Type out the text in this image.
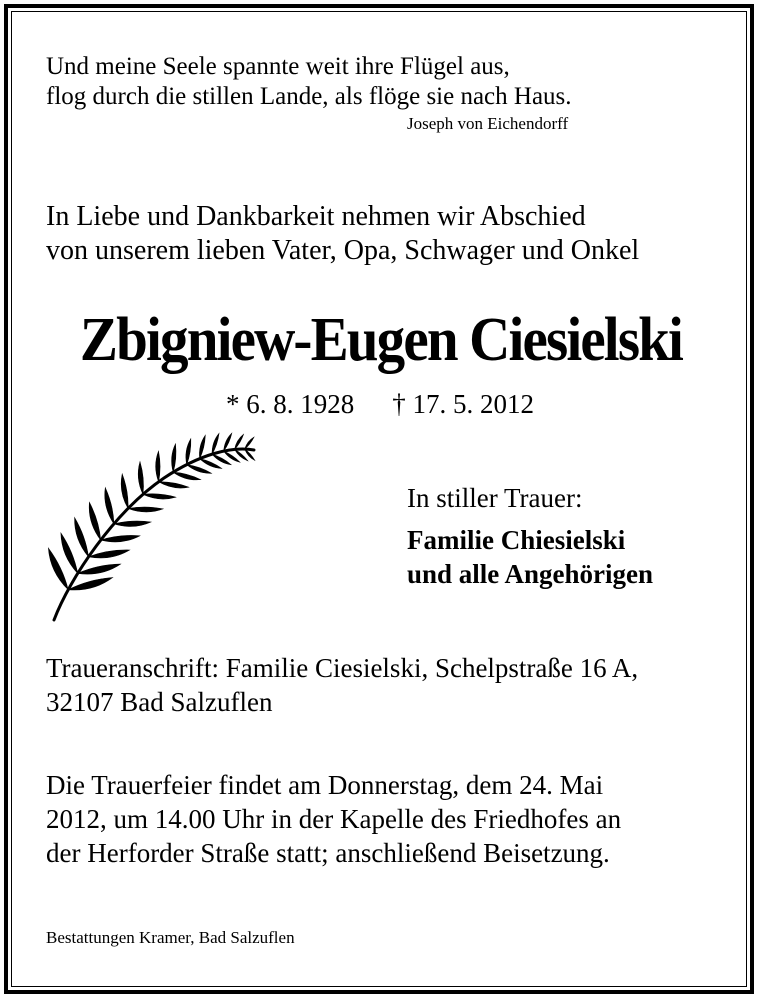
Und meine Seele spannte weit ihre Flügel aus,
flog durch die stillen Lande, als flöge sie nach Haus.
Joseph von Eichendorff
In Liebe und Dankbarkeit nehmen wir Abschied
von unserem lieben Vater, Opa, Schwager und Onkel
Zbigniew-Eugen Ciesielski
* 6. 8. 1928 † 17. 5. 2012
In stiller Trauer:
Familie Chiesielski
und alle Angehörigen
Traueranschrift: Familie Ciesielski, Schelpstraße 16 A,
32107 Bad Salzuflen
Die Trauerfeier findet am Donnerstag, dem 24. Mai
2012, um 14.00 Uhr in der Kapelle des Friedhofes an
der Herforder Straße statt; anschließend Beisetzung.
Bestattungen Kramer, Bad Salzuflen
